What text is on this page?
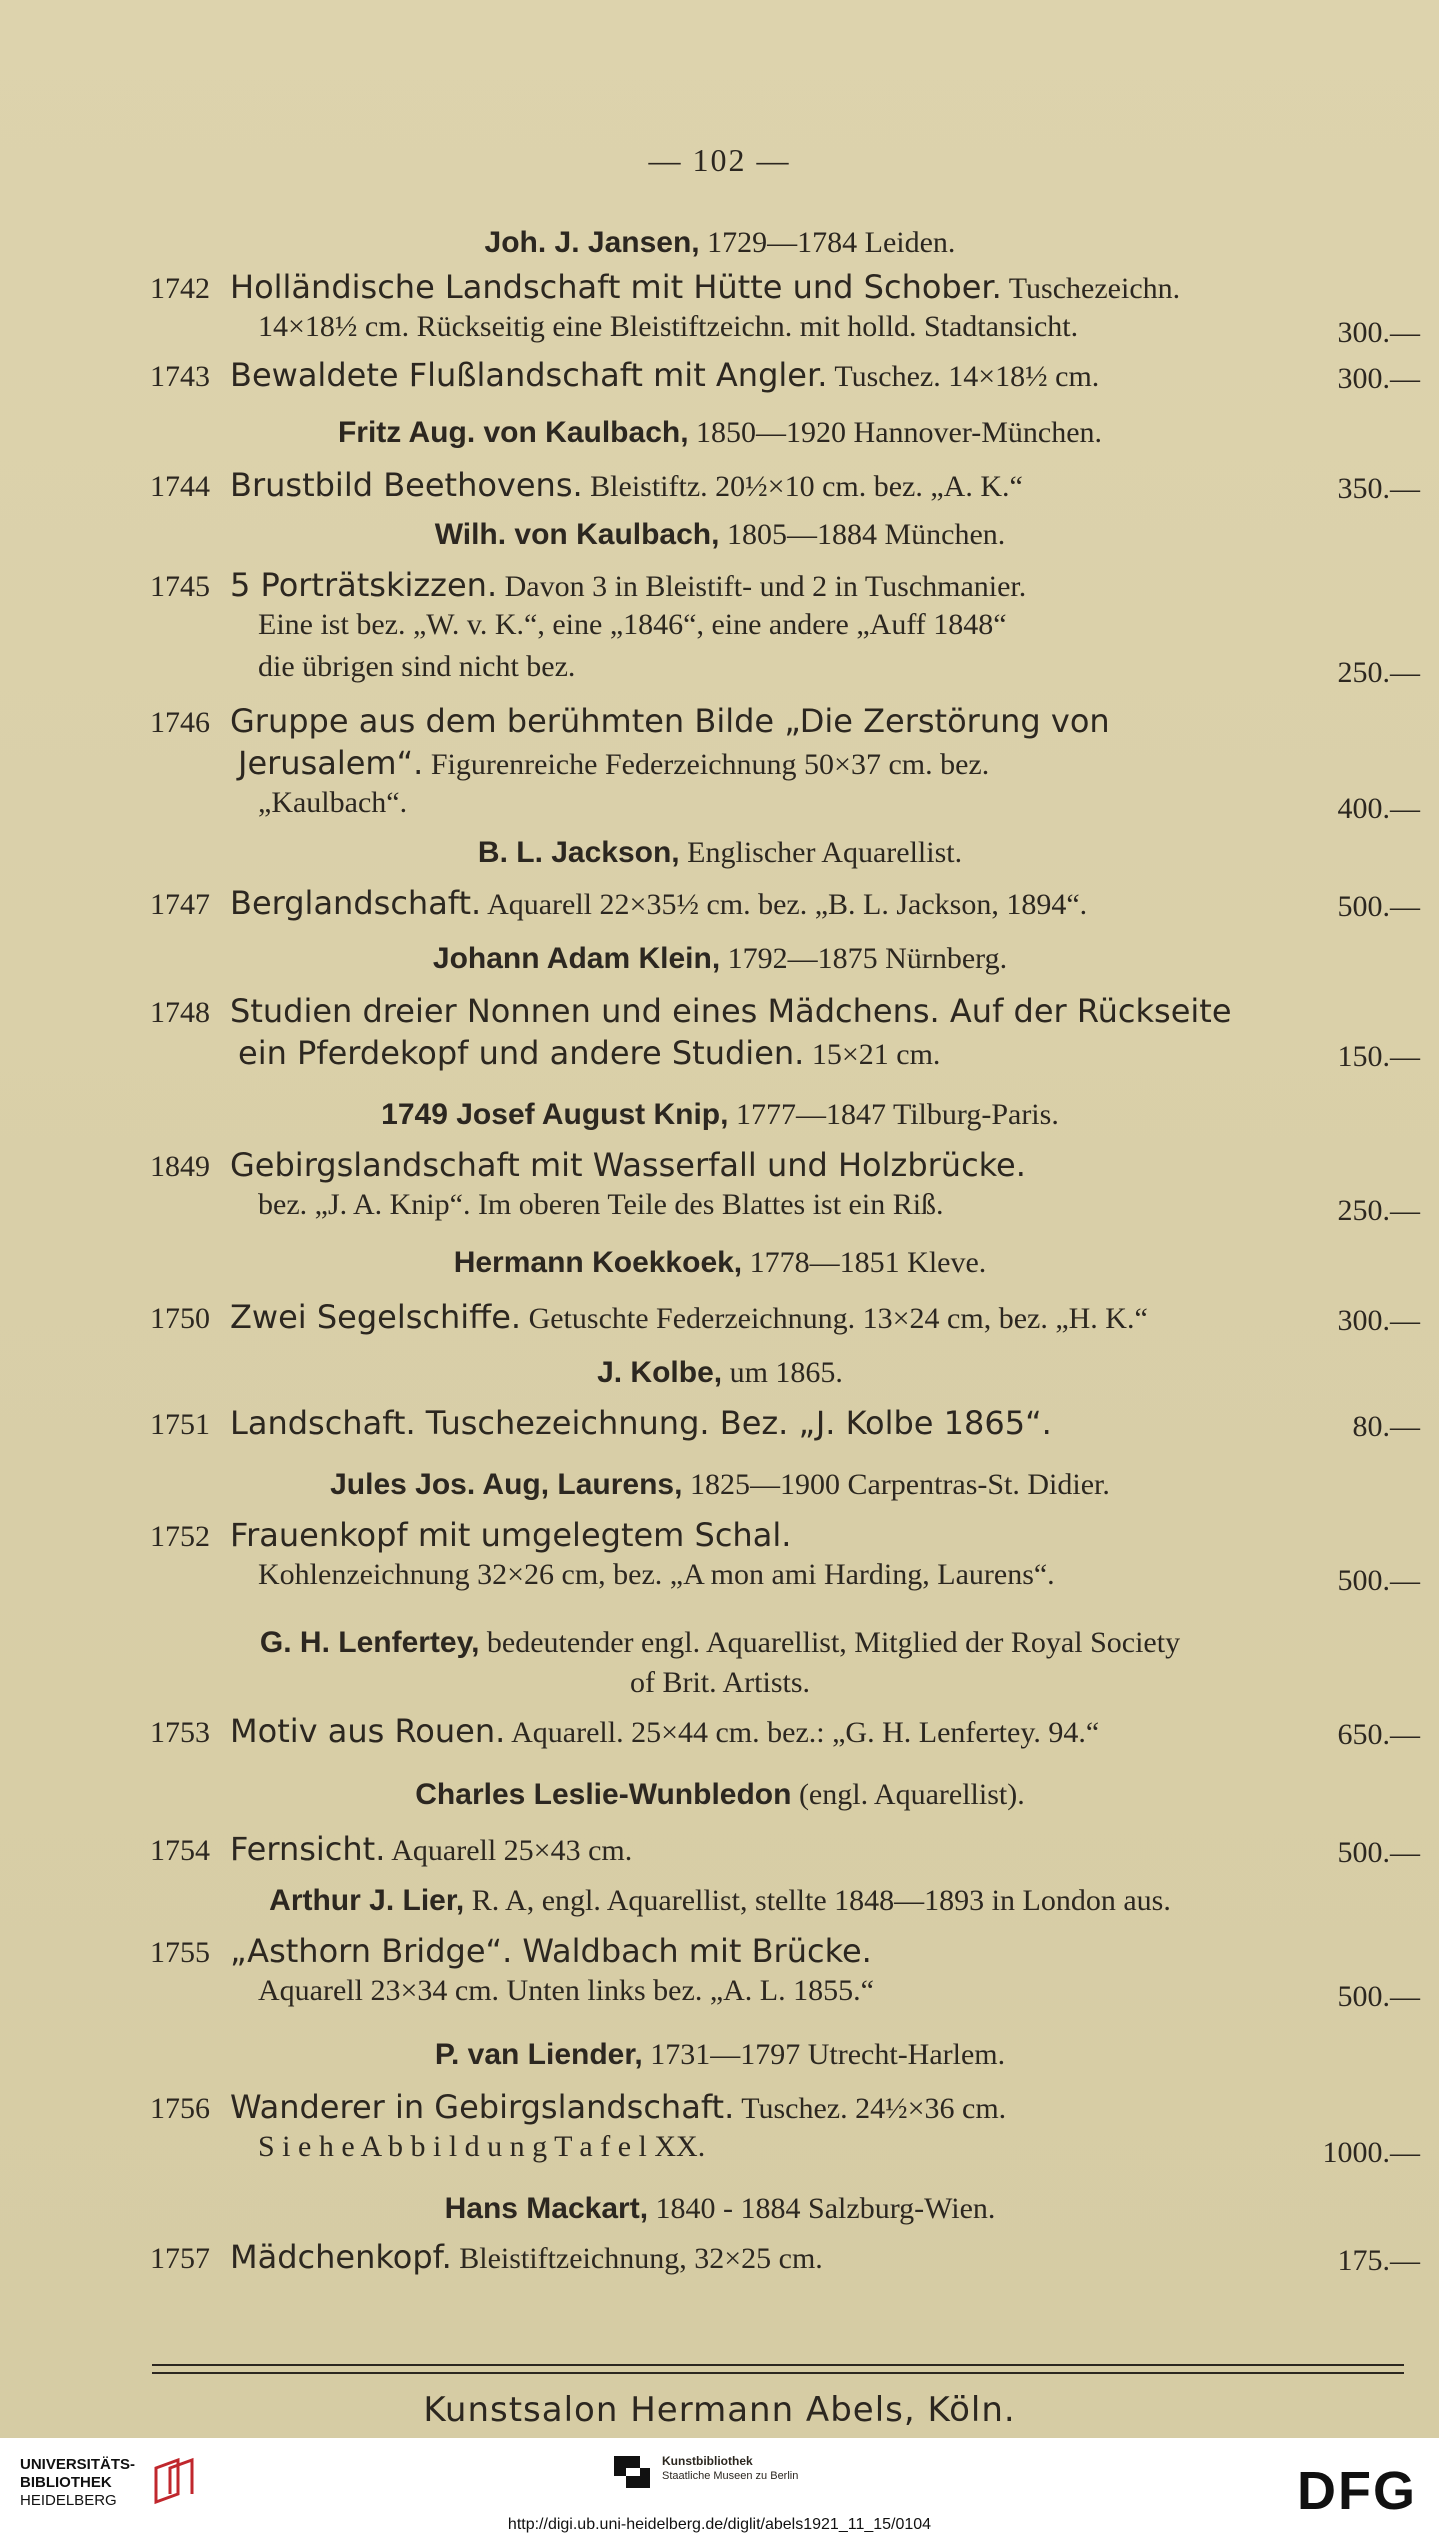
— 102 —
Joh. J. Jansen, 1729—1784 Leiden.
1742 Holländische Landschaft mit Hütte und Schober. Tuschezeichn.
14×18½ cm. Rückseitig eine Bleistiftzeichn. mit holld. Stadtansicht.	300.—
1743 Bewaldete Flußlandschaft mit Angler. Tuschez. 14×18½ cm.	300.—
Fritz Aug. von Kaulbach, 1850—1920 Hannover-München.
1744 Brustbild Beethovens. Bleistiftz. 20½×10 cm. bez. „A. K.“	350.—
Wilh. von Kaulbach, 1805—1884 München.
1745 5 Porträtskizzen. Davon 3 in Bleistift- und 2 in Tuschmanier.
Eine ist bez. „W. v. K.“, eine „1846“, eine andere „Auff 1848“
die übrigen sind nicht bez.	250.—
1746 Gruppe aus dem berühmten Bilde „Die Zerstörung von
Jerusalem“. Figurenreiche Federzeichnung 50×37 cm. bez.
„Kaulbach“.	400.—
B. L. Jackson, Englischer Aquarellist.
1747 Berglandschaft. Aquarell 22×35½ cm. bez. „B. L. Jackson, 1894“.	500.—
Johann Adam Klein, 1792—1875 Nürnberg.
1748 Studien dreier Nonnen und eines Mädchens. Auf der Rückseite
ein Pferdekopf und andere Studien. 15×21 cm.	150.—
1749 Josef August Knip, 1777—1847 Tilburg-Paris.
1849 Gebirgslandschaft mit Wasserfall und Holzbrücke.
bez. „J. A. Knip“. Im oberen Teile des Blattes ist ein Riß.	250.—
Hermann Koekkoek, 1778—1851 Kleve.
1750 Zwei Segelschiffe. Getuschte Federzeichnung. 13×24 cm, bez. „H. K.“	300.—
J. Kolbe, um 1865.
1751 Landschaft. Tuschezeichnung. Bez. „J. Kolbe 1865“.	80.—
Jules Jos. Aug, Laurens, 1825—1900 Carpentras-St. Didier.
1752 Frauenkopf mit umgelegtem Schal.
Kohlenzeichnung 32×26 cm, bez. „A mon ami Harding, Laurens“.	500.—
G. H. Lenfertey, bedeutender engl. Aquarellist, Mitglied der Royal Society
of Brit. Artists.
1753 Motiv aus Rouen. Aquarell. 25×44 cm. bez.: „G. H. Lenfertey. 94.“	650.—
Charles Leslie-Wunbledon (engl. Aquarellist).
1754 Fernsicht. Aquarell 25×43 cm.	500.—
Arthur J. Lier, R. A, engl. Aquarellist, stellte 1848—1893 in London aus.
1755 „Asthorn Bridge“. Waldbach mit Brücke.
Aquarell 23×34 cm. Unten links bez. „A. L. 1855.“	500.—
P. van Liender, 1731—1797 Utrecht-Harlem.
1756 Wanderer in Gebirgslandschaft. Tuschez. 24½×36 cm.
S i e h e A b b i l d u n g T a f e l XX.	1000.—
Hans Mackart, 1840 - 1884 Salzburg-Wien.
1757 Mädchenkopf. Bleistiftzeichnung, 32×25 cm.	175.—
Kunstsalon Hermann Abels, Köln.
UNIVERSITÄTS-
BIBLIOTHEK
HEIDELBERG
Kunstbibliothek
Staatliche Museen zu Berlin	DFG
http://digi.ub.uni-heidelberg.de/diglit/abels1921_11_15/0104
